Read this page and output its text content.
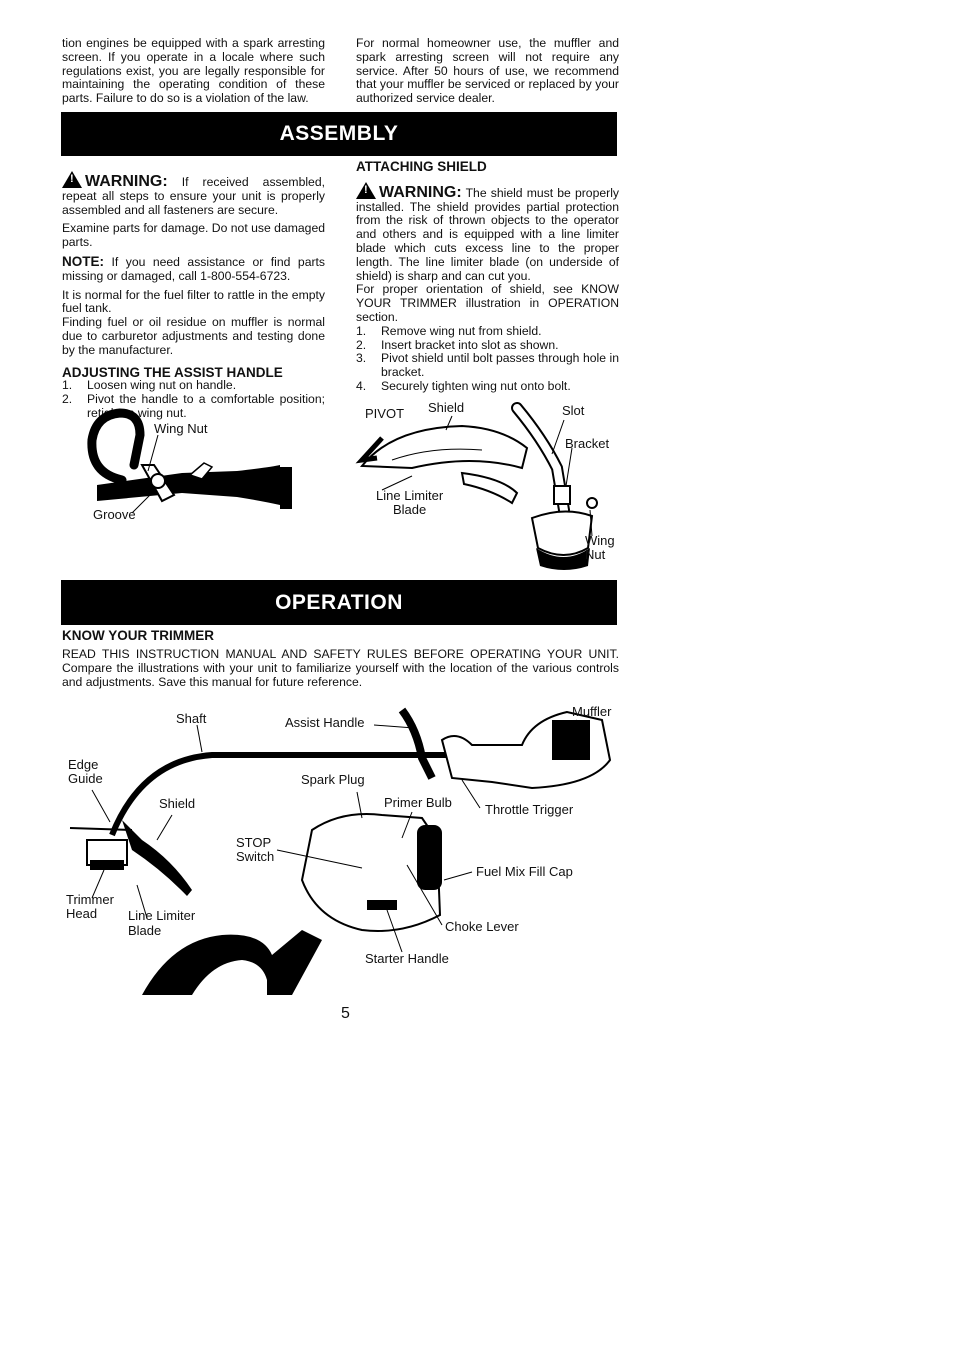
tion engines be equipped with a spark arresting screen. If you operate in a locale where such regulations exist, you are legally responsible for maintaining the operating condition of these parts. Failure to do so is a violation of the law.
For normal homeowner use, the muffler and spark arresting screen will not require any service. After 50 hours of use, we recommend that your muffler be serviced or replaced by your authorized service dealer.
ASSEMBLY

!WARNING: If received assembled, repeat all steps to ensure your unit is properly assembled and all fasteners are secure.

Examine parts for damage. Do not use damaged parts.

NOTE: If you need assistance or find parts missing or damaged, call 1-800-554-6723.

It is normal for the fuel filter to rattle in the empty fuel tank.

Finding fuel or oil residue on muffler is normal due to carburetor adjustments and testing done by the manufacturer.

ADJUSTING THE ASSIST HANDLE

1. Loosen wing nut on handle.
2. Pivot the handle to a comfortable position; retighten wing nut.
Wing Nut
Groove

ATTACHING SHIELD

!WARNING: The shield must be properly installed. The shield provides partial protection from the risk of thrown objects to the operator and others and is equipped with a line limiter blade which cuts excess line to the proper length. The line limiter blade (on underside of shield) is sharp and can cut you.

For proper orientation of shield, see KNOW YOUR TRIMMER illustration in OPERATION section.

1. Remove wing nut from shield.
2. Insert bracket into slot as shown.
3. Pivot shield until bolt passes through hole in bracket.
4. Securely tighten wing nut onto bolt.
PIVOT Shield	Slot
Bracket
Line Limiter
Blade
Wing
Nut
OPERATION

KNOW YOUR TRIMMER

READ THIS INSTRUCTION MANUAL AND SAFETY RULES BEFORE OPERATING YOUR UNIT. Compare the illustrations with your unit to familiarize yourself with the location of the various controls and adjustments. Save this manual for future reference.
Shaft	Assist Handle
Muffler
Edge
Guide	Spark Plug
Shield	Primer Bulb	Throttle Trigger
STOP
Switch
Fuel Mix Fill Cap
Trimmer
Head Line Limiter
Blade	Choke Lever
Starter Handle
5
